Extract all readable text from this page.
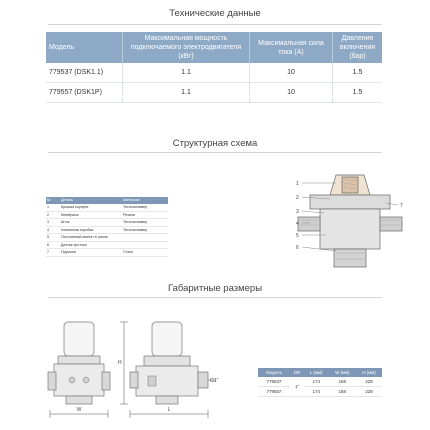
Технические данные
Модель	Максимальная мощность подключаемого электродвигателя (кВт)	Максимальная сила тока (А)	Давление включения (бар)
779537 (DSK1.1)	1.1	10	1.5
779557 (DSK1P)	1.1	10	1.5
Структурная схема
№	Деталь	Материал
1	Крышка корпуса	Технополимер
2	Мембрана	Резина
3	Шток	Технополимер
4	Клапанная коробка	Технополимер
5	Постоянный магнит в штоке	
6	Датчик протока	
7	Пружина	Сталь
1
2
3
4
5
6
7
Габаритные размеры
W
H
L
G1"
Модель	DN	L (мм)	W (мм)	H (мм)
779537	1"	174	168	228
779557		174	168	228
